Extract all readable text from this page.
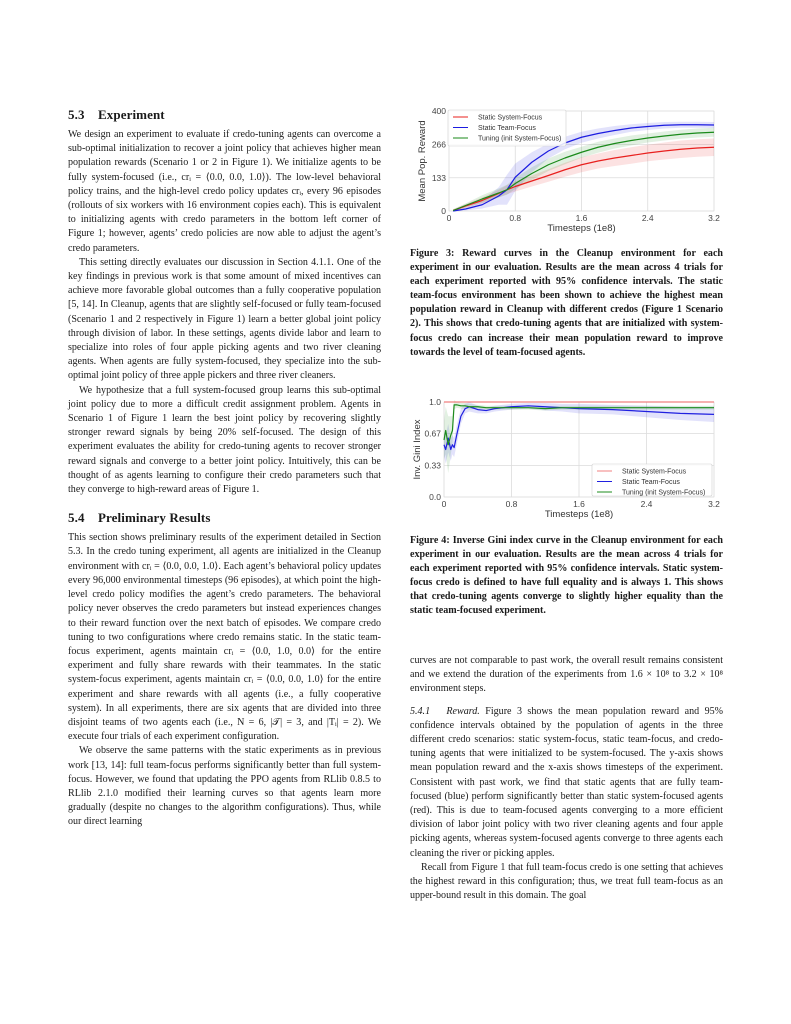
5.3 Experiment

We design an experiment to evaluate if credo-tuning agents can overcome a sub-optimal initialization to recover a joint policy that achieves higher mean population rewards (Scenario 1 or 2 in Figure 1). We initialize agents to be fully system-focused (i.e., crᵢ = ⟨0.0, 0.0, 1.0⟩). The low-level behavioral policy trains, and the high-level credo policy updates crᵢ, every 96 episodes (rollouts of six workers with 16 environment copies each). This is equivalent to initializing agents with credo parameters in the bottom left corner of Figure 1; however, agents’ credo policies are now able to adjust the agent’s credo parameters.

This setting directly evaluates our discussion in Section 4.1.1. One of the key findings in previous work is that some amount of mixed incentives can achieve more favorable global outcomes than a fully cooperative population [5, 14]. In Cleanup, agents that are slightly self-focused or fully team-focused (Scenario 1 and 2 respectively in Figure 1) learn a better global joint policy through division of labor. In these settings, agents divide labor and learn to specialize into roles of four apple picking agents and two river cleaning agents. When agents are fully system-focused, they specialize into the sub-optimal joint policy of three apple pickers and three river cleaners.

We hypothesize that a full system-focused group learns this sub-optimal joint policy due to more a difficult credit assignment problem. Agents in Scenario 1 of Figure 1 learn the best joint policy by recovering slightly stronger reward signals by being 20% self-focused. The design of this experiment evaluates the ability for credo-tuning agents to recover stronger reward signals and converge to a better joint policy. Intuitively, this can be thought of as agents learning to configure their credo parameters such that they converge to high-reward areas of Figure 1.

5.4 Preliminary Results

This section shows preliminary results of the experiment detailed in Section 5.3. In the credo tuning experiment, all agents are initialized in the Cleanup environment with crᵢ = ⟨0.0, 0.0, 1.0⟩. Each agent’s behavioral policy updates every 96,000 environmental timesteps (96 episodes), at which point the high-level credo policy modifies the agent’s credo parameters. The behavioral policy never observes the credo parameters but instead experiences changes to their reward function over the next batch of episodes. We compare credo tuning to two configurations where credo remains static. In the static team-focus experiment, agents maintain crᵢ = ⟨0.0, 1.0, 0.0⟩ for the entire experiment and fully share rewards with their teammates. In the static system-focus experiment, agents maintain crᵢ = ⟨0.0, 0.0, 1.0⟩ for the entire experiment and share rewards with all agents (i.e., a fully cooperative system). In all experiments, there are six agents that are divided into three disjoint teams of two agents each (i.e., N = 6, |𝒯| = 3, and |Tᵢ| = 2). We execute four trials of each experiment configuration.

We observe the same patterns with the static experiments as in previous work [13, 14]: full team-focus performs significantly better than full system-focus. However, we found that updating the PPO agents from RLlib 0.8.5 to RLlib 2.1.0 modified their learning curves so that agents learn more gradually (despite no changes to the algorithm configurations). Thus, while our direct learning

0	0.8	1.6	2.4	3.2
0
133
266
400
Timesteps (1e8)
Mean Pop. Reward
Static System-Focus
Static Team-Focus
Tuning (init System-Focus)
Figure 3: Reward curves in the Cleanup environment for each experiment in our evaluation. Results are the mean across 4 trials for each experiment reported with 95% confidence intervals. The static team-focus environment has been shown to achieve the highest mean population reward in Cleanup with different credos (Figure 1 Scenario 2). This shows that credo-tuning agents that are initialized with system-focus credo can increase their mean population reward to improve towards the level of team-focused agents.
0	0.8	1.6	2.4	3.2
0.0
0.33
0.67
1.0
Timesteps (1e8)
Inv. Gini Index	Static System-Focus
Static Team-Focus
Tuning (init System-Focus)
Figure 4: Inverse Gini index curve in the Cleanup environment for each experiment in our evaluation. Results are the mean across 4 trials for each experiment reported with 95% confidence intervals. Static system-focus credo is defined to have full equality and is always 1. This shows that credo-tuning agents converge to slightly higher equality than the static team-focused experiment.

curves are not comparable to past work, the overall result remains consistent and we extend the duration of the experiments from 1.6 × 10⁸ to 3.2 × 10⁸ environment steps.

5.4.1 Reward. Figure 3 shows the mean population reward and 95% confidence intervals obtained by the population of agents in the three different credo scenarios: static system-focus, static team-focus, and credo-tuning agents that were initialized to be system-focused. The y-axis shows mean population reward and the x-axis shows timesteps of the experiment. Consistent with past work, we find that static agents that are fully team-focused (blue) perform significantly better than static system-focused agents (red). This is due to team-focused agents converging to a more efficient division of labor joint policy with two river cleaning agents and four apple picking agents, whereas system-focused agents converge to three agents each cleaning the river or picking apples.

Recall from Figure 1 that full team-focus credo is one setting that achieves the highest reward in this configuration; thus, we treat full team-focus as an upper-bound result in this domain. The goal
